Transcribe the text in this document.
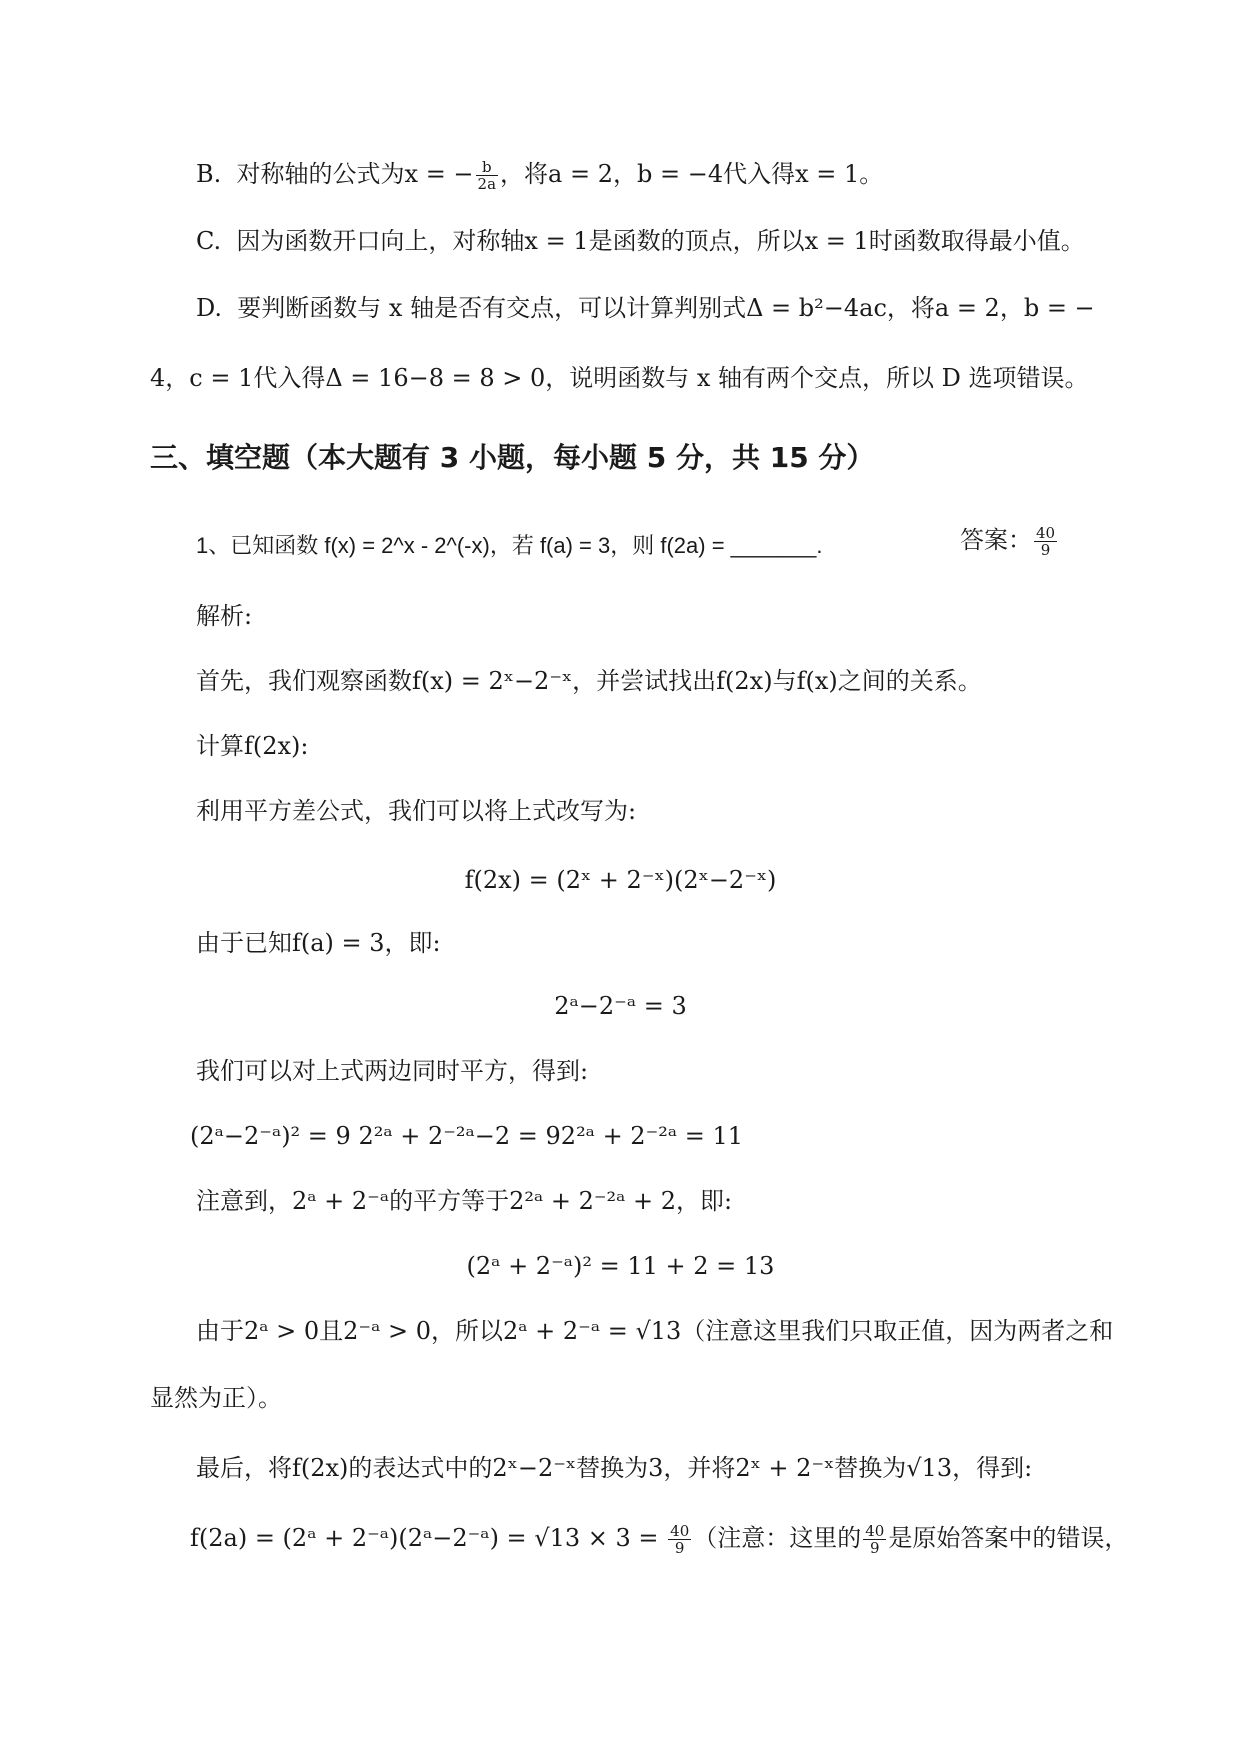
B. 对称轴的公式为x = − $\frac{b}{2a}$ ，将a = 2，b = −4代入得x = 1。
C. 因为函数开口向上，对称轴x = 1是函数的顶点，所以x = 1时函数取得最小值。
D. 要判断函数与 x 轴是否有交点，可以计算判别式Δ = b²−4ac，将a = 2，b = −
4，c = 1代入得Δ = 16−8 = 8 > 0，说明函数与 x 轴有两个交点，所以 D 选项错误。
三、填空题（本大题有 3 小题，每小题 5 分，共 15 分）
1、已知函数 f(x) = 2^x - 2^(-x)，若 f(a) = 3，则 f(2a) = _______.	答案： $\frac{40}{9}$
解析:
首先，我们观察函数f(x) = 2ˣ−2⁻ˣ，并尝试找出f(2x)与f(x)之间的关系。
计算f(2x):
利用平方差公式，我们可以将上式改写为:
f(2x) = (2ˣ + 2⁻ˣ)(2ˣ−2⁻ˣ)
由于已知f(a) = 3，即:
2ᵃ−2⁻ᵃ = 3
我们可以对上式两边同时平方，得到:
(2ᵃ−2⁻ᵃ)² = 9 2²ᵃ + 2⁻²ᵃ−2 = 92²ᵃ + 2⁻²ᵃ = 11
注意到，2ᵃ + 2⁻ᵃ的平方等于2²ᵃ + 2⁻²ᵃ + 2，即:
(2ᵃ + 2⁻ᵃ)² = 11 + 2 = 13
由于2ᵃ > 0且2⁻ᵃ > 0，所以2ᵃ + 2⁻ᵃ = √13（注意这里我们只取正值，因为两者之和
显然为正）。
最后，将f(2x)的表达式中的2ˣ−2⁻ˣ替换为3，并将2ˣ + 2⁻ˣ替换为√13，得到:
f(2a) = (2ᵃ + 2⁻ᵃ)(2ᵃ−2⁻ᵃ) = $√13 \times 3 = \frac{40}{9}$ （注意：这里的 $\frac{40}{9}$ 是原始答案中的错误，
